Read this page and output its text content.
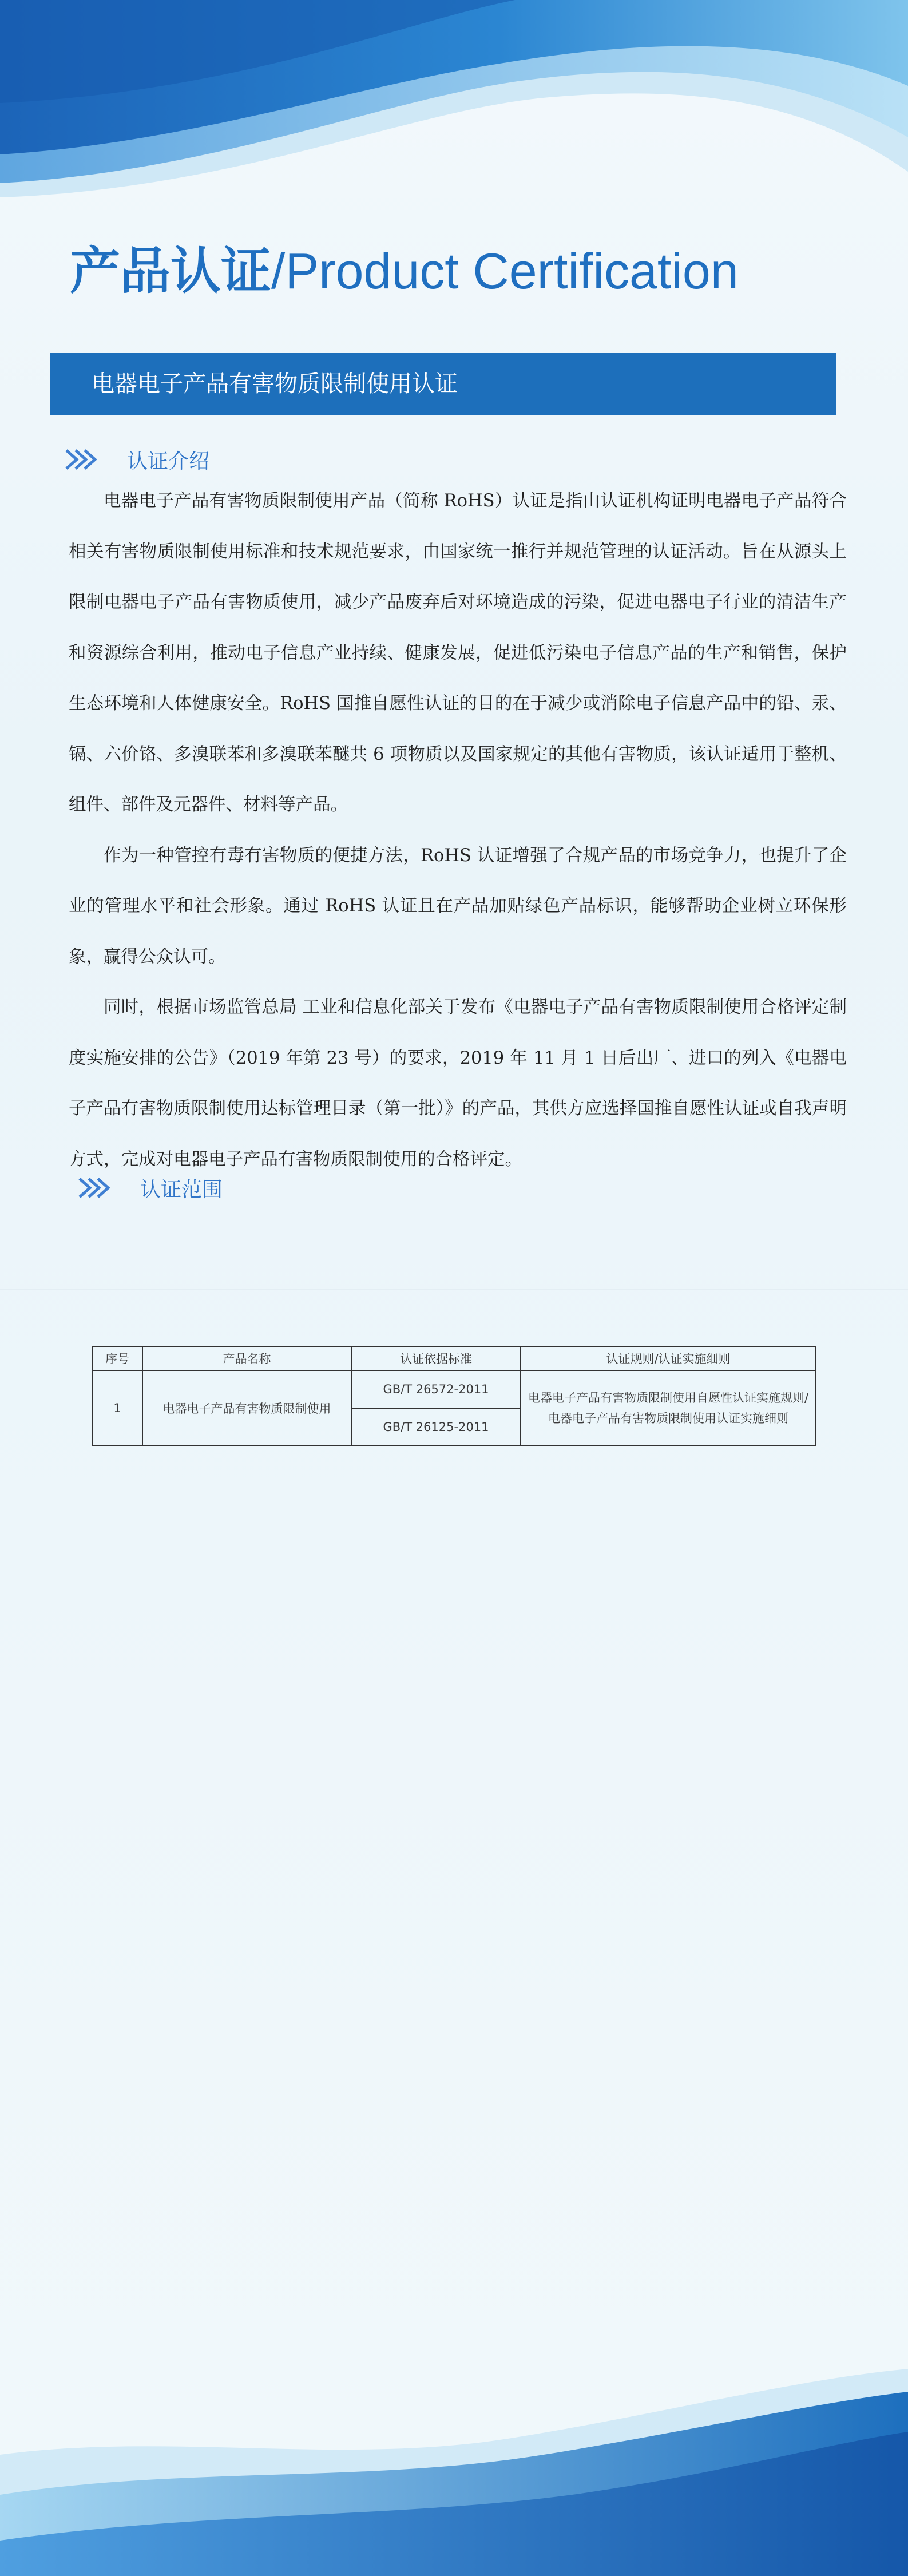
产品认证/Product Certification
电器电子产品有害物质限制使用认证
认证介绍

电器电子产品有害物质限制使用产品（简称 RoHS）认证是指由认证机构证明电器电子产品符合相关有害物质限制使用标准和技术规范要求，由国家统一推行并规范管理的认证活动。旨在从源头上限制电器电子产品有害物质使用，减少产品废弃后对环境造成的污染，促进电器电子行业的清洁生产和资源综合利用，推动电子信息产业持续、健康发展，促进低污染电子信息产品的生产和销售，保护生态环境和人体健康安全。RoHS 国推自愿性认证的目的在于减少或消除电子信息产品中的铅、汞、镉、六价铬、多溴联苯和多溴联苯醚共 6 项物质以及国家规定的其他有害物质，该认证适用于整机、组件、部件及元器件、材料等产品。

作为一种管控有毒有害物质的便捷方法，RoHS 认证增强了合规产品的市场竞争力，也提升了企业的管理水平和社会形象。通过 RoHS 认证且在产品加贴绿色产品标识，能够帮助企业树立环保形象，赢得公众认可。

同时，根据市场监管总局 工业和信息化部关于发布《电器电子产品有害物质限制使用合格评定制度实施安排的公告》（2019 年第 23 号）的要求，2019 年 11 月 1 日后出厂、进口的列入《电器电子产品有害物质限制使用达标管理目录（第一批）》的产品，其供方应选择国推自愿性认证或自我声明方式，完成对电器电子产品有害物质限制使用的合格评定。

认证范围
序号	产品名称	认证依据标准	认证规则/认证实施细则
1	电器电子产品有害物质限制使用	GB/T 26572-2011	电器电子产品有害物质限制使用自愿性认证实施规则/电器电子产品有害物质限制使用认证实施细则
		GB/T 26125-2011	
